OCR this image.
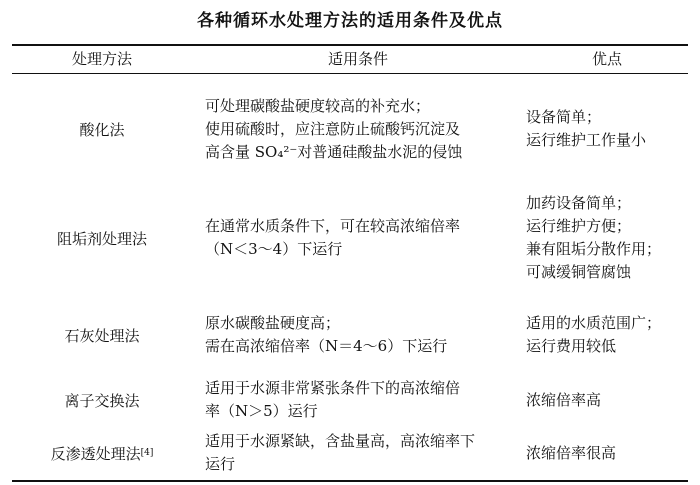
各种循环水处理方法的适用条件及优点
处理方法	适用条件	优点
酸化法
可处理碳酸盐硬度较高的补充水；
使用硫酸时，应注意防止硫酸钙沉淀及
高含量 SO₄²⁻对普通硅酸盐水泥的侵蚀
设备简单；
运行维护工作量小
阻垢剂处理法
在通常水质条件下，可在较高浓缩倍率
（N＜3～4）下运行
加药设备简单；
运行维护方便；
兼有阻垢分散作用；
可减缓铜管腐蚀
石灰处理法
原水碳酸盐硬度高；
需在高浓缩倍率（N＝4～6）下运行
适用的水质范围广；
运行费用较低
离子交换法
适用于水源非常紧张条件下的高浓缩倍
率（N＞5）运行
浓缩倍率高
反渗透处理法 [4]
适用于水源紧缺，含盐量高，高浓缩率下
运行
浓缩倍率很高
